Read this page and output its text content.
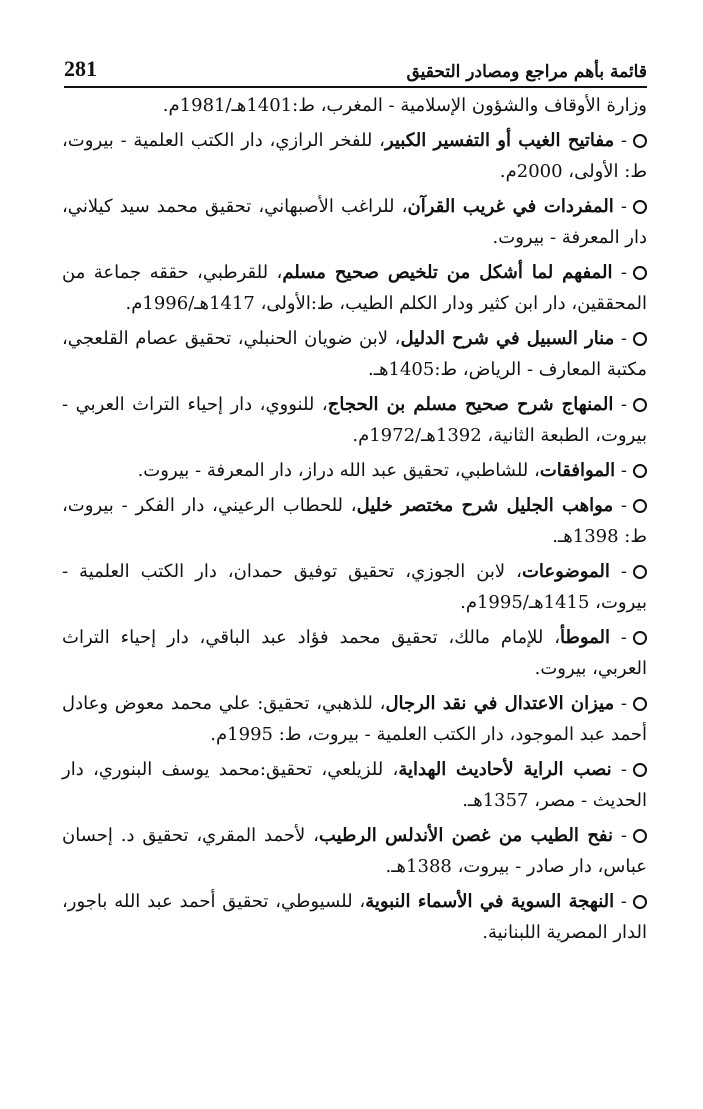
قائمة بأهم مراجع ومصادر التحقيق
281

وزارة الأوقاف والشؤون الإسلامية - المغرب، ط:1401هـ/1981م.

- مفاتيح الغيب أو التفسير الكبير، للفخر الرازي، دار الكتب العلمية - بيروت، ط: الأولى، 2000م.

- المفردات في غريب القرآن، للراغب الأصبهاني، تحقيق محمد سيد كيلاني، دار المعرفة - بيروت.

- المفهم لما أشكل من تلخيص صحيح مسلم، للقرطبي، حققه جماعة من المحققين، دار ابن كثير ودار الكلم الطيب، ط:الأولى، 1417هـ/1996م.

- منار السبيل في شرح الدليل، لابن ضويان الحنبلي، تحقيق عصام القلعجي، مكتبة المعارف - الرياض، ط:1405هـ.

- المنهاج شرح صحيح مسلم بن الحجاج، للنووي، دار إحياء التراث العربي - بيروت، الطبعة الثانية، 1392هـ/1972م.

- الموافقات، للشاطبي، تحقيق عبد الله دراز، دار المعرفة - بيروت.

- مواهب الجليل شرح مختصر خليل، للحطاب الرعيني، دار الفكر - بيروت، ط: 1398هـ.

- الموضوعات، لابن الجوزي، تحقيق توفيق حمدان، دار الكتب العلمية - بيروت، 1415هـ/1995م.

- الموطأ، للإمام مالك، تحقيق محمد فؤاد عبد الباقي، دار إحياء التراث العربي، بيروت.

- ميزان الاعتدال في نقد الرجال، للذهبي، تحقيق: علي محمد معوض وعادل أحمد عبد الموجود، دار الكتب العلمية - بيروت، ط: 1995م.

- نصب الراية لأحاديث الهداية، للزيلعي، تحقيق:محمد يوسف البنوري، دار الحديث - مصر، 1357هـ.

- نفح الطيب من غصن الأندلس الرطيب، لأحمد المقري، تحقيق د. إحسان عباس، دار صادر - بيروت، 1388هـ.

- النهجة السوية في الأسماء النبوية، للسيوطي، تحقيق أحمد عبد الله باجور، الدار المصرية اللبنانية.
